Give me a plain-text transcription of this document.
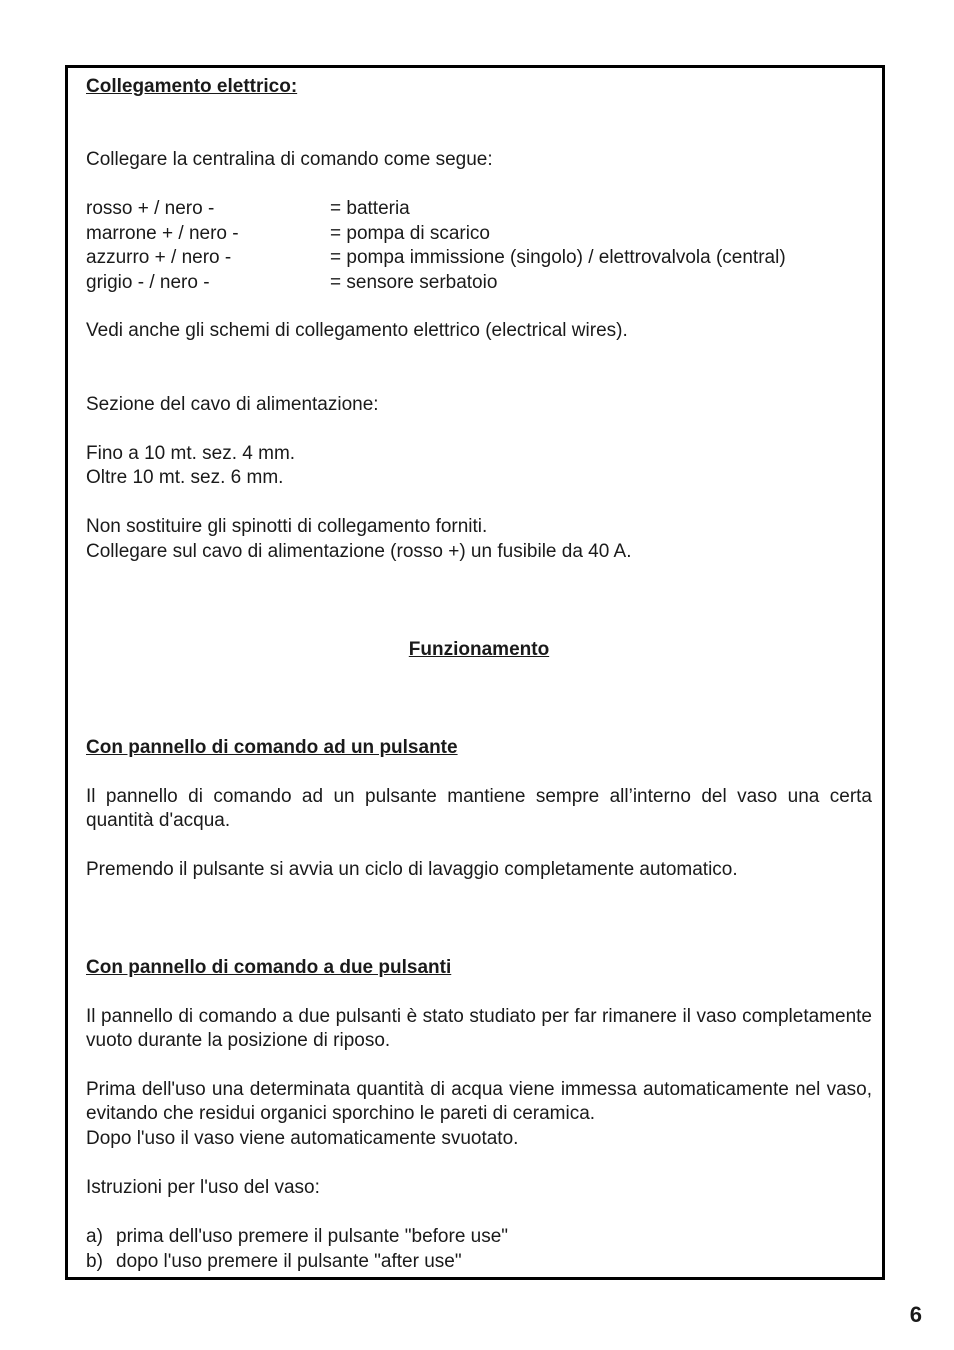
Collegamento elettrico:
Collegare la centralina di comando come segue:
rosso + / nero -	= batteria
marrone + / nero -	= pompa di scarico
azzurro + / nero -	= pompa immissione (singolo) / elettrovalvola (central)
grigio - / nero -	= sensore serbatoio
Vedi anche gli schemi di collegamento elettrico (electrical wires).
Sezione del cavo di alimentazione:
Fino a 10 mt. sez. 4 mm.
Oltre 10 mt. sez. 6 mm.
Non sostituire gli spinotti di collegamento forniti.
Collegare sul cavo di alimentazione (rosso +) un fusibile da 40 A.
Funzionamento
Con pannello di comando ad un pulsante
Il pannello di comando ad un pulsante mantiene sempre all’interno del vaso una certa quantità d'acqua.
Premendo il pulsante si avvia un ciclo di lavaggio completamente automatico.
Con pannello di comando a due pulsanti
Il pannello di comando a due pulsanti è stato studiato per far rimanere il vaso completamente vuoto durante la posizione di riposo.
Prima dell'uso una determinata quantità di acqua viene immessa automaticamente nel vaso, evitando che residui organici sporchino le pareti di ceramica.
Dopo l'uso il vaso viene automaticamente svuotato.
Istruzioni per l'uso del vaso:
a) prima dell'uso premere il pulsante "before use"
b) dopo l'uso premere il pulsante "after use"
6
